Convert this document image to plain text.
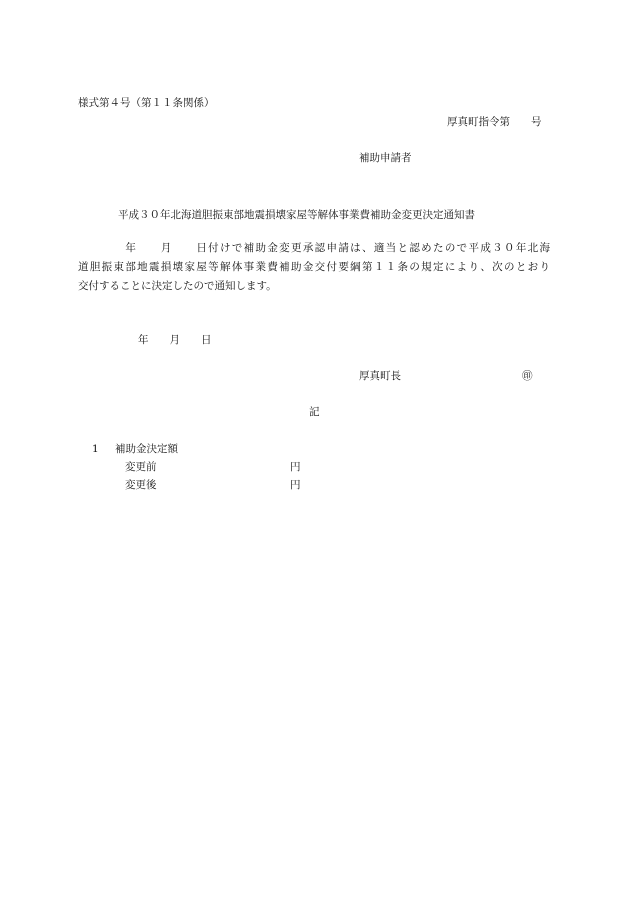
様式第４号（第１１条関係）
厚真町指令第　　号
補助申請者
平成３０年北海道胆振東部地震損壊家屋等解体事業費補助金変更決定通知書
　　　　年　　月　　日付けで補助金変更承認申請は、適当と認めたので平成３０年北海
道胆振東部地震損壊家屋等解体事業費補助金交付要綱第１１条の規定により、次のとおり
交付することに決定したので通知します。
年　　月　　日
厚真町長	㊞
記
1 補助金決定額
変更前	円
変更後	円
